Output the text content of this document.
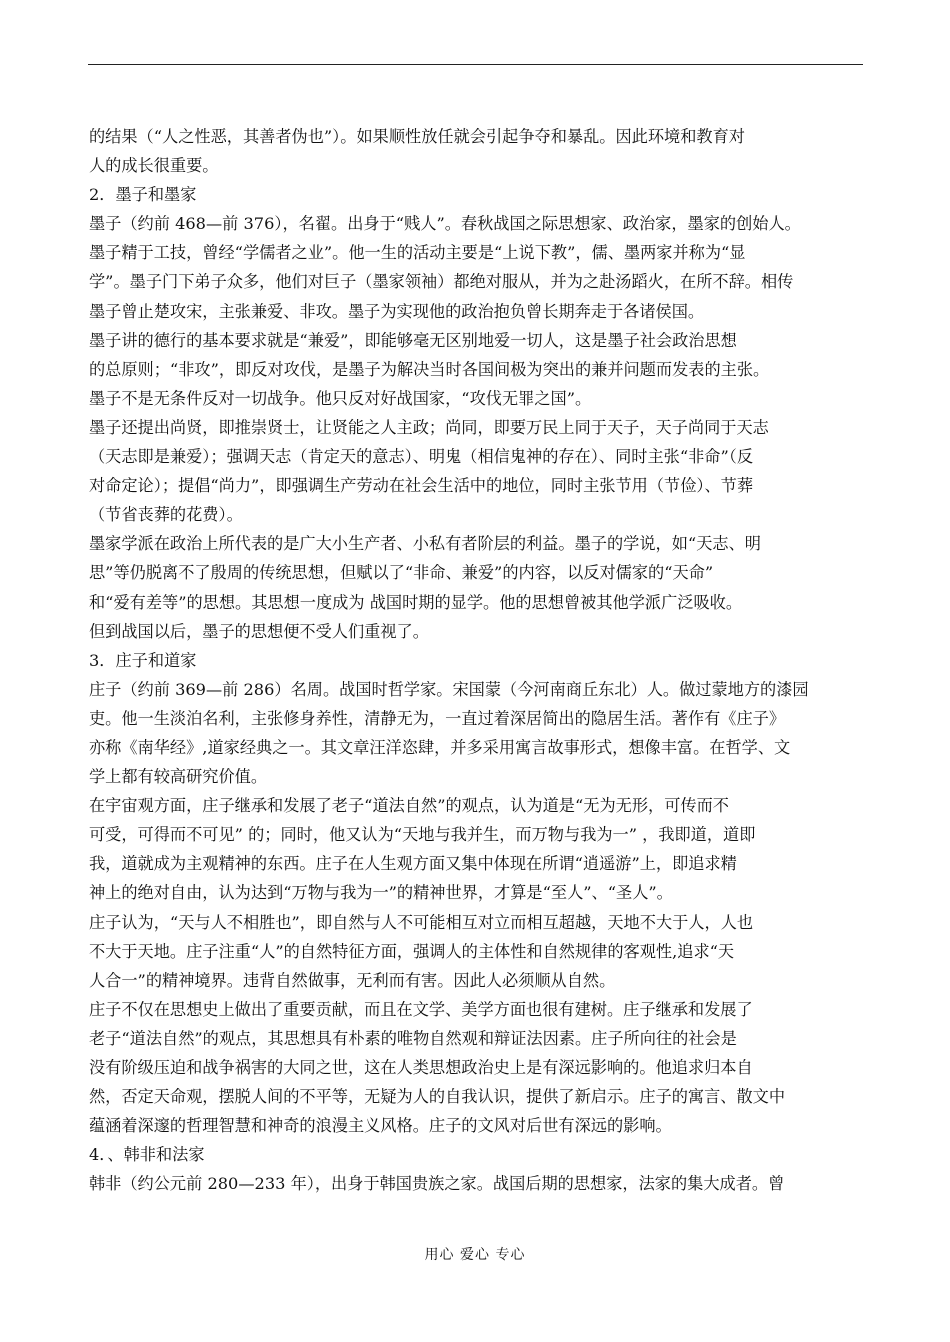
的结果（“人之性恶，其善者伪也”）。如果顺性放任就会引起争夺和暴乱。因此环境和教育对

人的成长很重要。

2．墨子和墨家

墨子（约前 468—前 376），名翟。出身于“贱人”。春秋战国之际思想家、政治家，墨家的创始人。

墨子精于工技，曾经“学儒者之业”。他一生的活动主要是“上说下教”，儒、墨两家并称为“显

学”。墨子门下弟子众多，他们对巨子（墨家领袖）都绝对服从，并为之赴汤蹈火，在所不辞。相传

墨子曾止楚攻宋，主张兼爱、非攻。墨子为实现他的政治抱负曾长期奔走于各诸侯国。

墨子讲的德行的基本要求就是“兼爱”，即能够毫无区别地爱一切人，这是墨子社会政治思想

的总原则；“非攻”，即反对攻伐，是墨子为解决当时各国间极为突出的兼并问题而发表的主张。

墨子不是无条件反对一切战争。他只反对好战国家，“攻伐无罪之国”。

墨子还提出尚贤，即推崇贤士，让贤能之人主政；尚同，即要万民上同于天子，天子尚同于天志

（天志即是兼爱）；强调天志（肯定天的意志）、明鬼（相信鬼神的存在）、同时主张“非命”（反

对命定论）；提倡“尚力”，即强调生产劳动在社会生活中的地位，同时主张节用（节俭）、节葬

（节省丧葬的花费）。

墨家学派在政治上所代表的是广大小生产者、小私有者阶层的利益。墨子的学说，如“天志、明

思”等仍脱离不了殷周的传统思想，但赋以了“非命、兼爱”的内容，以反对儒家的“天命”

和“爱有差等”的思想。其思想一度成为 战国时期的显学。他的思想曾被其他学派广泛吸收。

但到战国以后，墨子的思想便不受人们重视了。

3．庄子和道家

庄子（约前 369—前 286）名周。战国时哲学家。宋国蒙（今河南商丘东北）人。做过蒙地方的漆园

吏。他一生淡泊名利，主张修身养性，清静无为，一直过着深居简出的隐居生活。著作有《庄子》

亦称《南华经》,道家经典之一。其文章汪洋恣肆，并多采用寓言故事形式，想像丰富。在哲学、文

学上都有较高研究价值。

在宇宙观方面，庄子继承和发展了老子“道法自然”的观点，认为道是“无为无形，可传而不

可受，可得而不可见” 的；同时，他又认为“天地与我并生，而万物与我为一” ，我即道，道即

我，道就成为主观精神的东西。庄子在人生观方面又集中体现在所谓“逍遥游”上，即追求精

神上的绝对自由，认为达到“万物与我为一”的精神世界，才算是“至人”、“圣人”。

庄子认为，“天与人不相胜也”，即自然与人不可能相互对立而相互超越，天地不大于人，人也

不大于天地。庄子注重“人”的自然特征方面，强调人的主体性和自然规律的客观性,追求“天

人合一”的精神境界。违背自然做事，无利而有害。因此人必须顺从自然。

庄子不仅在思想史上做出了重要贡献，而且在文学、美学方面也很有建树。庄子继承和发展了

老子“道法自然”的观点，其思想具有朴素的唯物自然观和辩证法因素。庄子所向往的社会是

没有阶级压迫和战争祸害的大同之世，这在人类思想政治史上是有深远影响的。他追求归本自

然，否定天命观，摆脱人间的不平等，无疑为人的自我认识，提供了新启示。庄子的寓言、散文中

蕴涵着深邃的哲理智慧和神奇的浪漫主义风格。庄子的文风对后世有深远的影响。

4．、韩非和法家

韩非（约公元前 280—233 年），出身于韩国贵族之家。战国后期的思想家，法家的集大成者。曾

用心 爱心 专心
